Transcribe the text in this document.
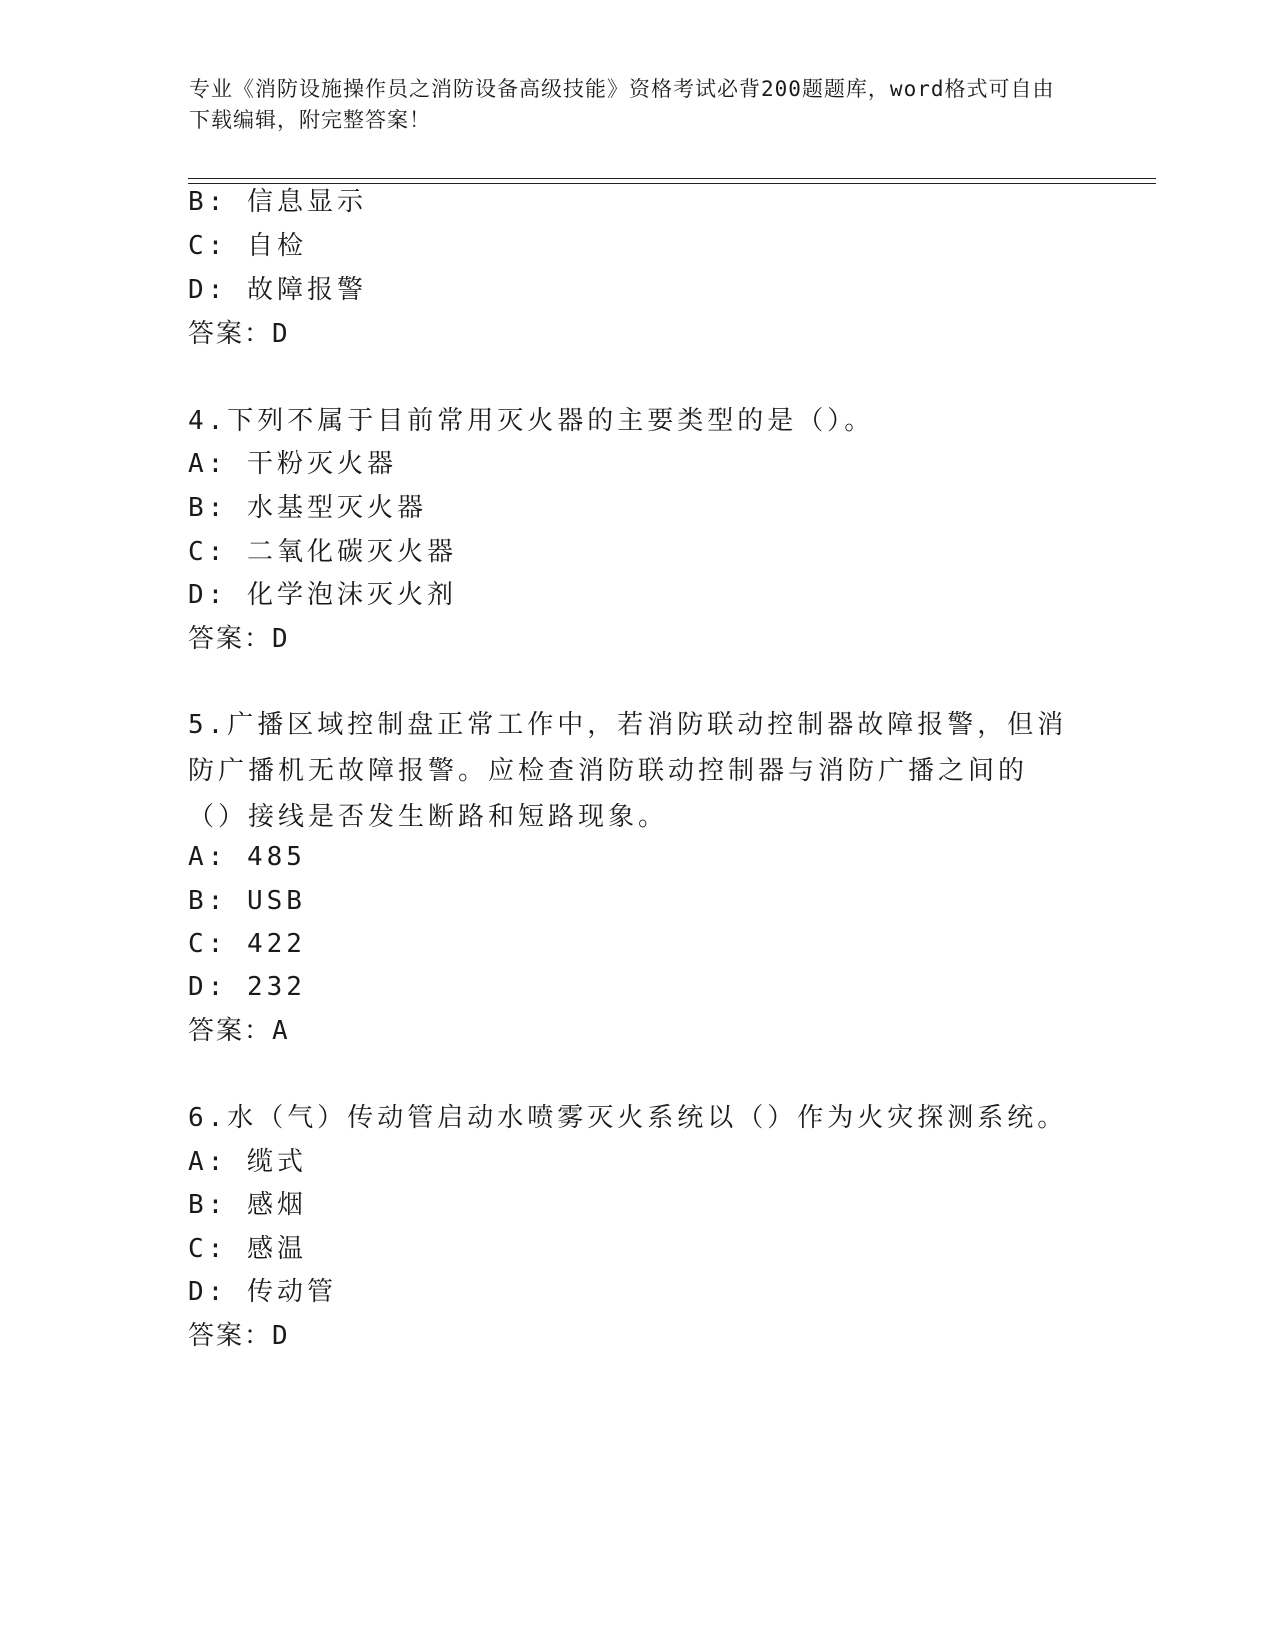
专业《消防设施操作员之消防设备高级技能》资格考试必背200题题库，word格式可自由下载编辑，附完整答案！
B: 信息显示
C: 自检
D: 故障报警
答案：D
4.下列不属于目前常用灭火器的主要类型的是（）。
A: 干粉灭火器
B: 水基型灭火器
C: 二氧化碳灭火器
D: 化学泡沫灭火剂
答案：D
5.广播区域控制盘正常工作中，若消防联动控制器故障报警，但消防广播机无故障报警。应检查消防联动控制器与消防广播之间的（）接线是否发生断路和短路现象。
A: 485
B: USB
C: 422
D: 232
答案：A
6.水（气）传动管启动水喷雾灭火系统以（）作为火灾探测系统。
A: 缆式
B: 感烟
C: 感温
D: 传动管
答案：D
